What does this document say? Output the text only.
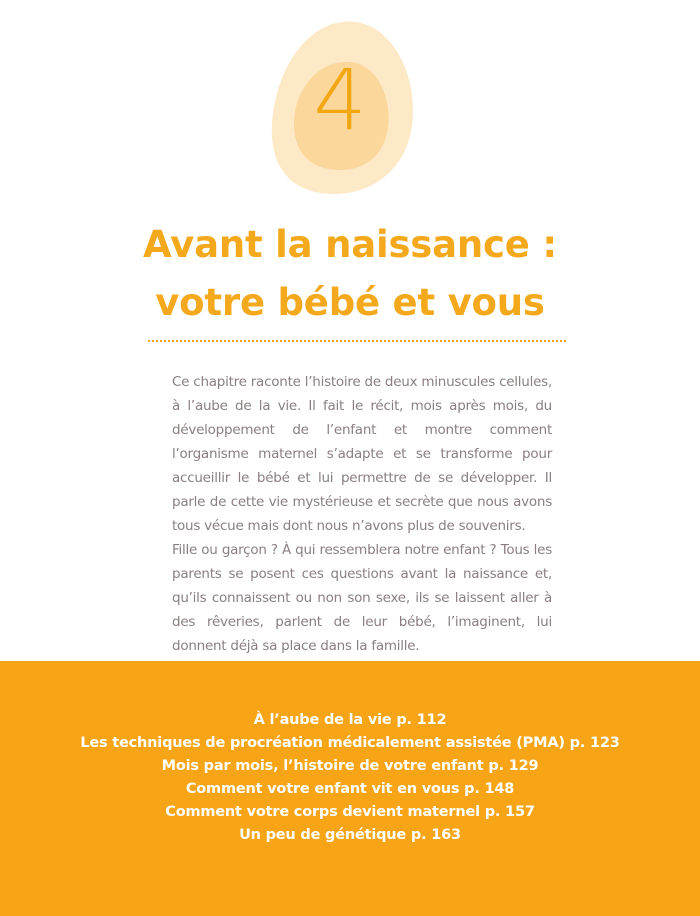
4
Avant la naissance :
votre bébé et vous

Ce chapitre raconte l’histoire de deux minuscules cellules, à l’aube de la vie. Il fait le récit, mois après mois, du développement de l’enfant et montre comment l’organisme maternel s’adapte et se transforme pour accueillir le bébé et lui permettre de se développer. Il parle de cette vie mystérieuse et secrète que nous avons tous vécue mais dont nous n’avons plus de souvenirs.

Fille ou garçon ? À qui ressemblera notre enfant ? Tous les parents se posent ces questions avant la naissance et, qu’ils connaissent ou non son sexe, ils se laissent aller à des rêveries, parlent de leur bébé, l’imaginent, lui donnent déjà sa place dans la famille.

À l’aube de la vie p. 112
Les techniques de procréation médicalement assistée (PMA) p. 123
Mois par mois, l’histoire de votre enfant p. 129
Comment votre enfant vit en vous p. 148
Comment votre corps devient maternel p. 157
Un peu de génétique p. 163
